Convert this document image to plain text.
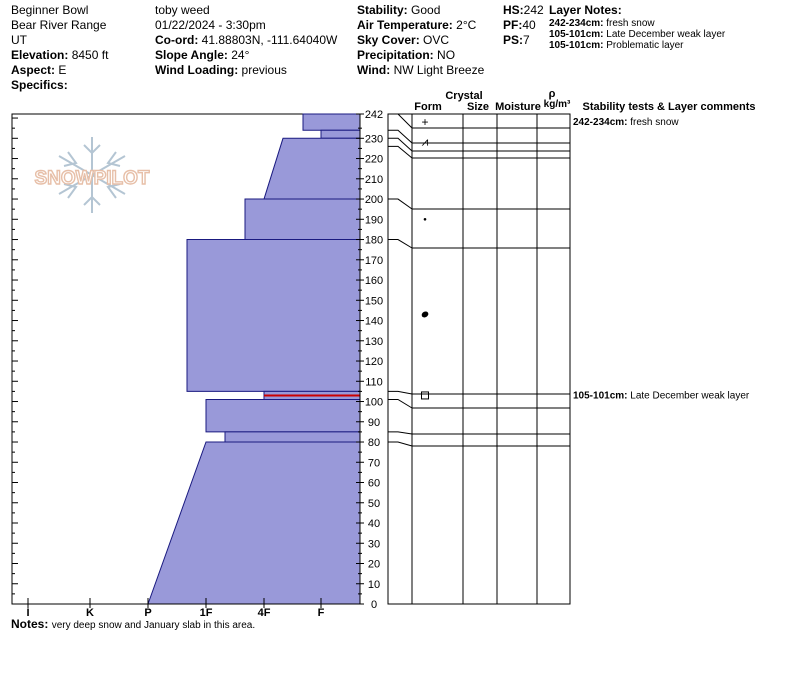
Beginner Bowl
Bear River Range
UT
Elevation: 8450 ft
Aspect: E
Specifics:
toby weed
01/22/2024 - 3:30pm
Co-ord: 41.88803N, -111.64040W
Slope Angle: 24°
Wind Loading: previous
Stability: Good
Air Temperature: 2°C
Sky Cover: OVC
Precipitation: NO
Wind: NW Light Breeze
HS:242
PF:40
PS:7
Layer Notes:
242-234cm: fresh snow
105-101cm: Late December weak layer
105-101cm: Problematic layer
Crystal
Form Size Moisture
ρ
kg/m³ Stability tests & Layer comments
SNOWPILOT
0
10
20
30
40
50
60
70
80
90
100
110
120
130
140
150
160
170
180
190
200
210
220
230
242
I	K	P	1F	4F	F
+
⩘
242-234cm: fresh snow
105-101cm: Late December weak layer
Notes: very deep snow and January slab in this area.
